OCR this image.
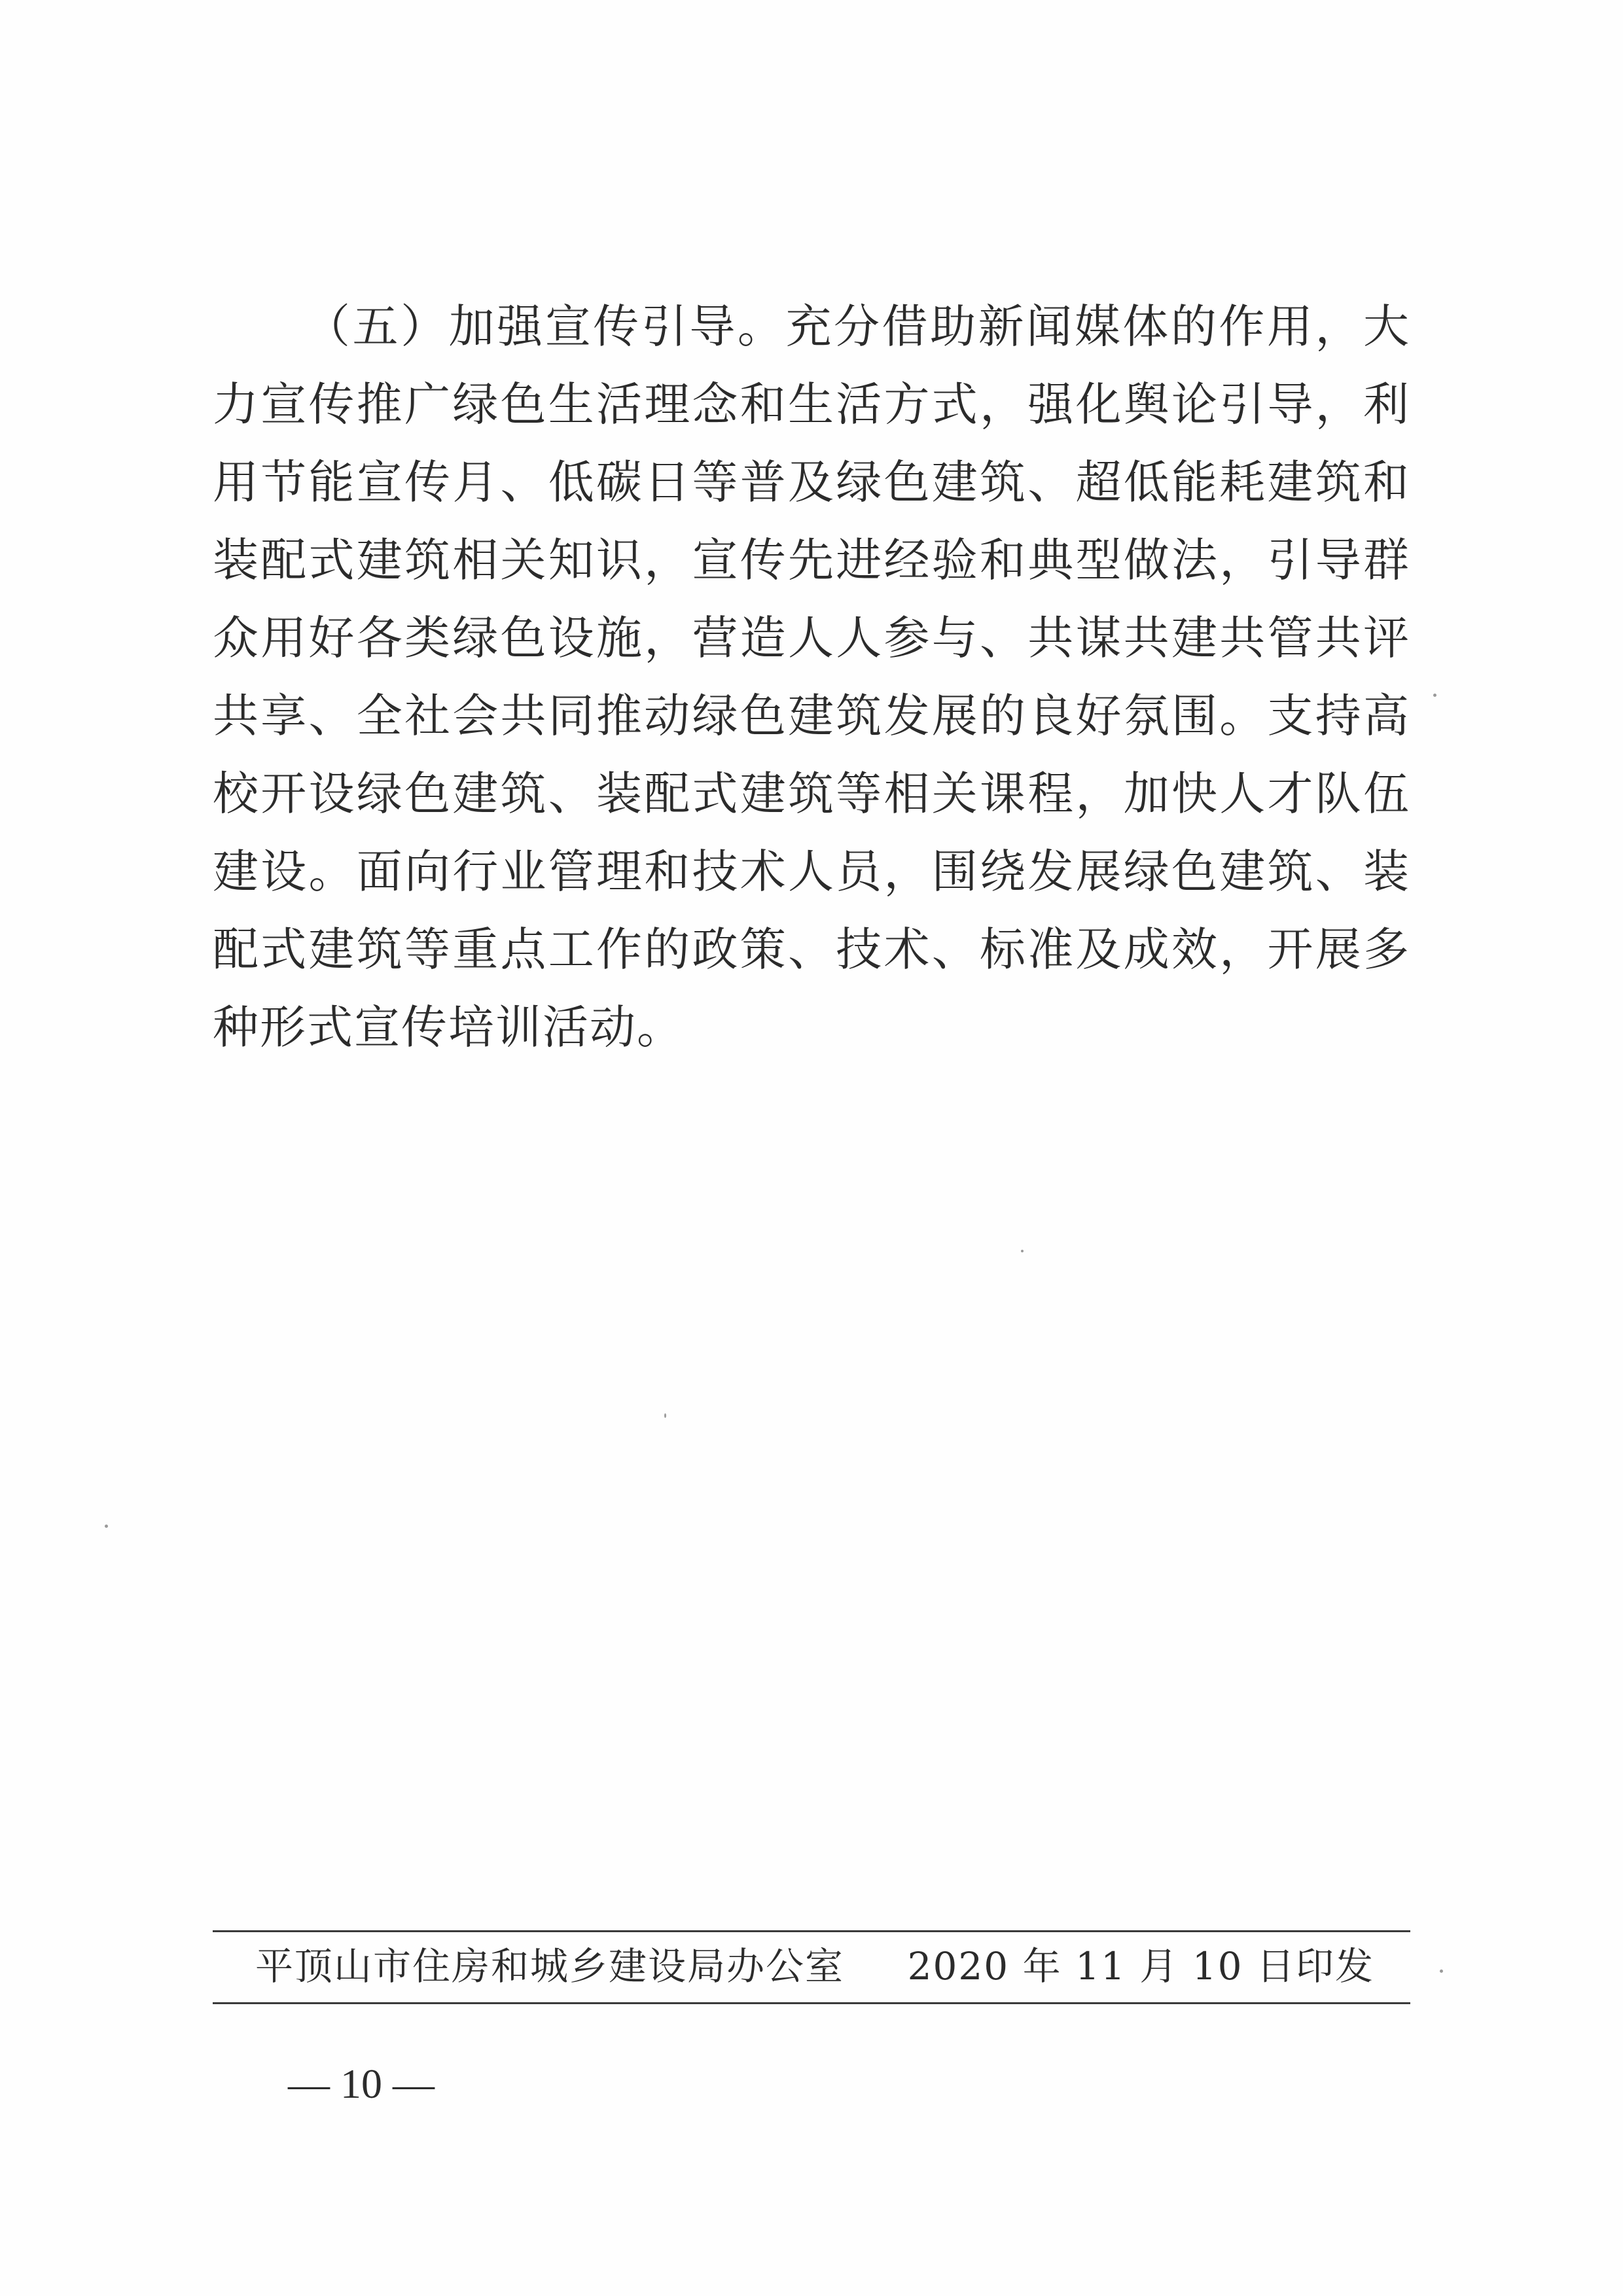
（五）加强宣传引导。充分借助新闻媒体的作用，大力宣传推广绿色生活理念和生活方式，强化舆论引导，利用节能宣传月、低碳日等普及绿色建筑、超低能耗建筑和装配式建筑相关知识，宣传先进经验和典型做法，引导群众用好各类绿色设施，营造人人参与、共谋共建共管共评共享、全社会共同推动绿色建筑发展的良好氛围。支持高校开设绿色建筑、装配式建筑等相关课程，加快人才队伍建设。面向行业管理和技术人员，围绕发展绿色建筑、装配式建筑等重点工作的政策、技术、标准及成效，开展多种形式宣传培训活动。

平顶山市住房和城乡建设局办公室 2020 年 11 月 10 日印发
— 10 —
